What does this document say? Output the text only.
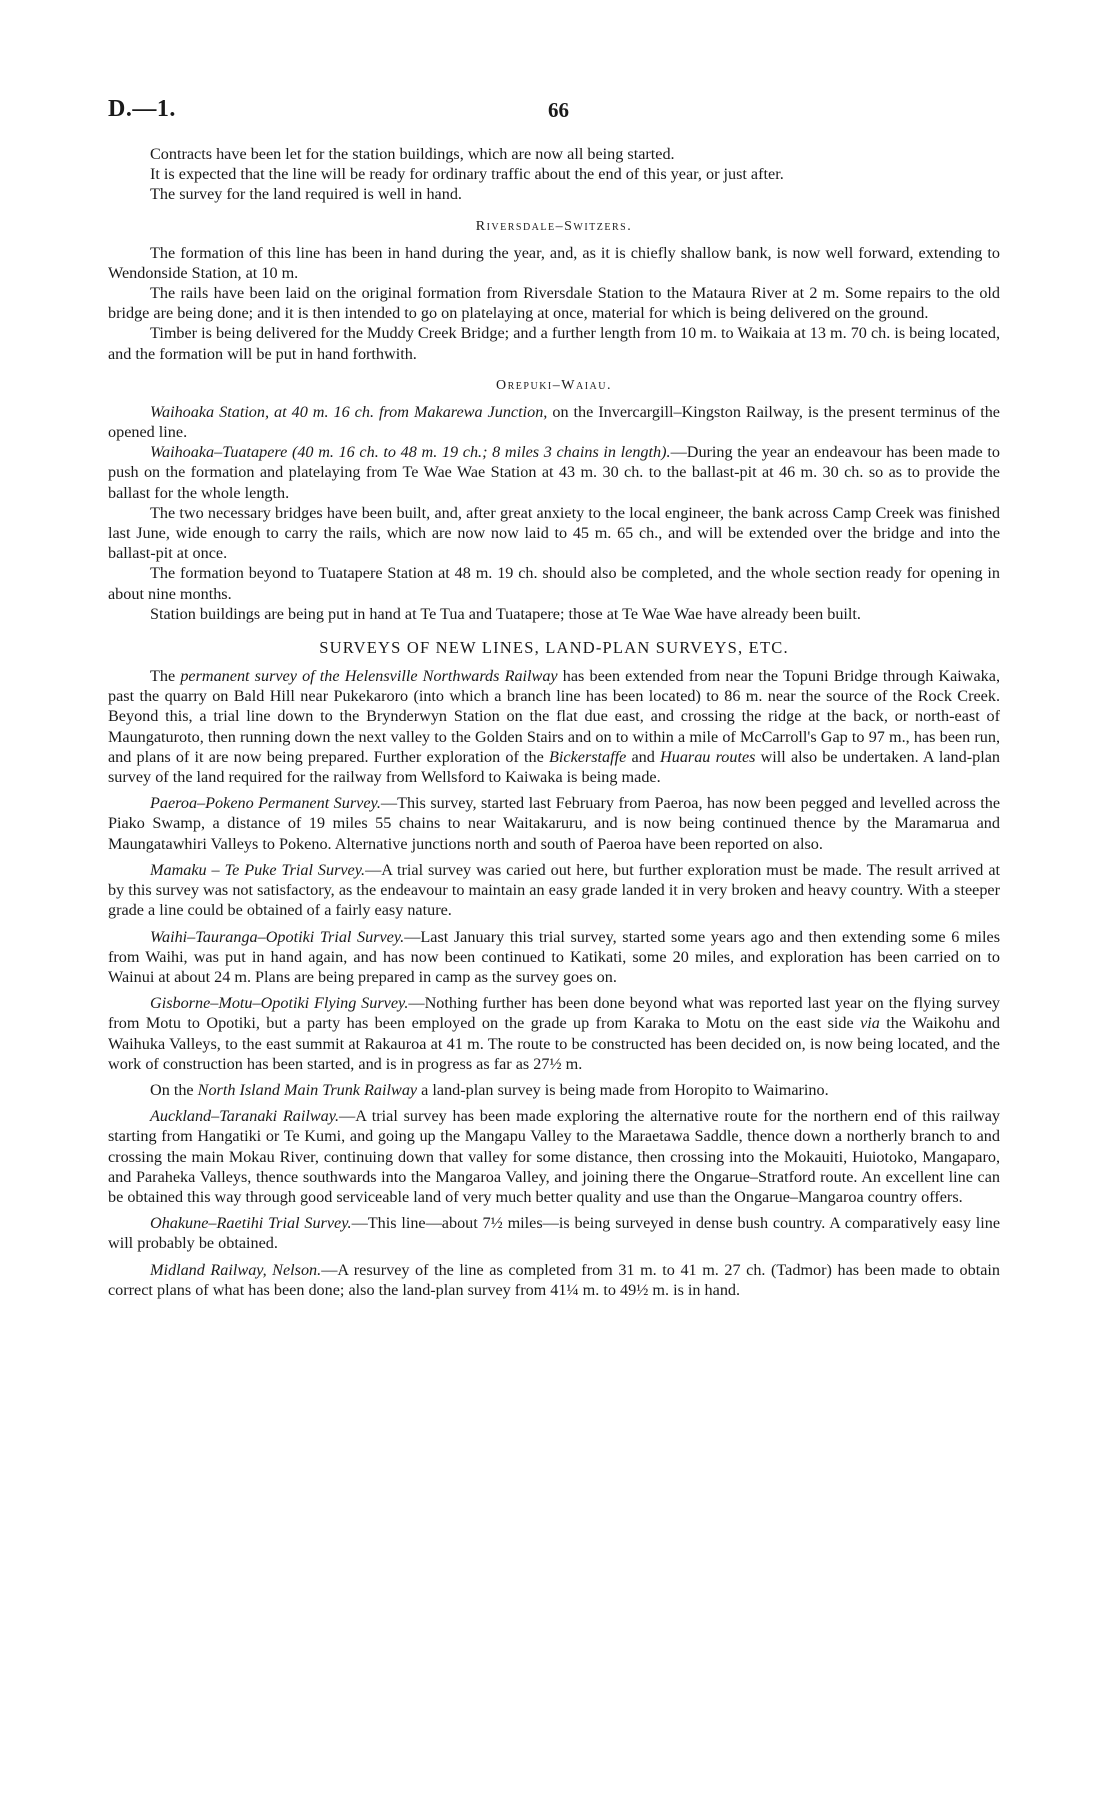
D.—1.	66

Contracts have been let for the station buildings, which are now all being started.

It is expected that the line will be ready for ordinary traffic about the end of this year, or just after.

The survey for the land required is well in hand.

Riversdale–Switzers.

The formation of this line has been in hand during the year, and, as it is chiefly shallow bank, is now well forward, extending to Wendonside Station, at 10 m.

The rails have been laid on the original formation from Riversdale Station to the Mataura River at 2 m. Some repairs to the old bridge are being done; and it is then intended to go on platelaying at once, material for which is being delivered on the ground.

Timber is being delivered for the Muddy Creek Bridge; and a further length from 10 m. to Waikaia at 13 m. 70 ch. is being located, and the formation will be put in hand forthwith.

Orepuki–Waiau.

Waihoaka Station, at 40 m. 16 ch. from Makarewa Junction, on the Invercargill–Kingston Railway, is the present terminus of the opened line.

Waihoaka–Tuatapere (40 m. 16 ch. to 48 m. 19 ch.; 8 miles 3 chains in length).—During the year an endeavour has been made to push on the formation and platelaying from Te Wae Wae Station at 43 m. 30 ch. to the ballast-pit at 46 m. 30 ch. so as to provide the ballast for the whole length.

The two necessary bridges have been built, and, after great anxiety to the local engineer, the bank across Camp Creek was finished last June, wide enough to carry the rails, which are now now laid to 45 m. 65 ch., and will be extended over the bridge and into the ballast-pit at once.

The formation beyond to Tuatapere Station at 48 m. 19 ch. should also be completed, and the whole section ready for opening in about nine months.

Station buildings are being put in hand at Te Tua and Tuatapere; those at Te Wae Wae have already been built.

SURVEYS OF NEW LINES, LAND-PLAN SURVEYS, ETC.

The permanent survey of the Helensville Northwards Railway has been extended from near the Topuni Bridge through Kaiwaka, past the quarry on Bald Hill near Pukekaroro (into which a branch line has been located) to 86 m. near the source of the Rock Creek. Beyond this, a trial line down to the Brynderwyn Station on the flat due east, and crossing the ridge at the back, or north-east of Maungaturoto, then running down the next valley to the Golden Stairs and on to within a mile of McCarroll's Gap to 97 m., has been run, and plans of it are now being prepared. Further exploration of the Bickerstaffe and Huarau routes will also be undertaken. A land-plan survey of the land required for the railway from Wellsford to Kaiwaka is being made.

Paeroa–Pokeno Permanent Survey.—This survey, started last February from Paeroa, has now been pegged and levelled across the Piako Swamp, a distance of 19 miles 55 chains to near Waitakaruru, and is now being continued thence by the Maramarua and Maungatawhiri Valleys to Pokeno. Alternative junctions north and south of Paeroa have been reported on also.

Mamaku – Te Puke Trial Survey.—A trial survey was caried out here, but further exploration must be made. The result arrived at by this survey was not satisfactory, as the endeavour to maintain an easy grade landed it in very broken and heavy country. With a steeper grade a line could be obtained of a fairly easy nature.

Waihi–Tauranga–Opotiki Trial Survey.—Last January this trial survey, started some years ago and then extending some 6 miles from Waihi, was put in hand again, and has now been continued to Katikati, some 20 miles, and exploration has been carried on to Wainui at about 24 m. Plans are being prepared in camp as the survey goes on.

Gisborne–Motu–Opotiki Flying Survey.—Nothing further has been done beyond what was reported last year on the flying survey from Motu to Opotiki, but a party has been employed on the grade up from Karaka to Motu on the east side via the Waikohu and Waihuka Valleys, to the east summit at Rakauroa at 41 m. The route to be constructed has been decided on, is now being located, and the work of construction has been started, and is in progress as far as 27½ m.

On the North Island Main Trunk Railway a land-plan survey is being made from Horopito to Waimarino.

Auckland–Taranaki Railway.—A trial survey has been made exploring the alternative route for the northern end of this railway starting from Hangatiki or Te Kumi, and going up the Mangapu Valley to the Maraetawa Saddle, thence down a northerly branch to and crossing the main Mokau River, continuing down that valley for some distance, then crossing into the Mokauiti, Huiotoko, Mangaparo, and Paraheka Valleys, thence southwards into the Mangaroa Valley, and joining there the Ongarue–Stratford route. An excellent line can be obtained this way through good serviceable land of very much better quality and use than the Ongarue–Mangaroa country offers.

Ohakune–Raetihi Trial Survey.—This line—about 7½ miles—is being surveyed in dense bush country. A comparatively easy line will probably be obtained.

Midland Railway, Nelson.—A resurvey of the line as completed from 31 m. to 41 m. 27 ch. (Tadmor) has been made to obtain correct plans of what has been done; also the land-plan survey from 41¼ m. to 49½ m. is in hand.
